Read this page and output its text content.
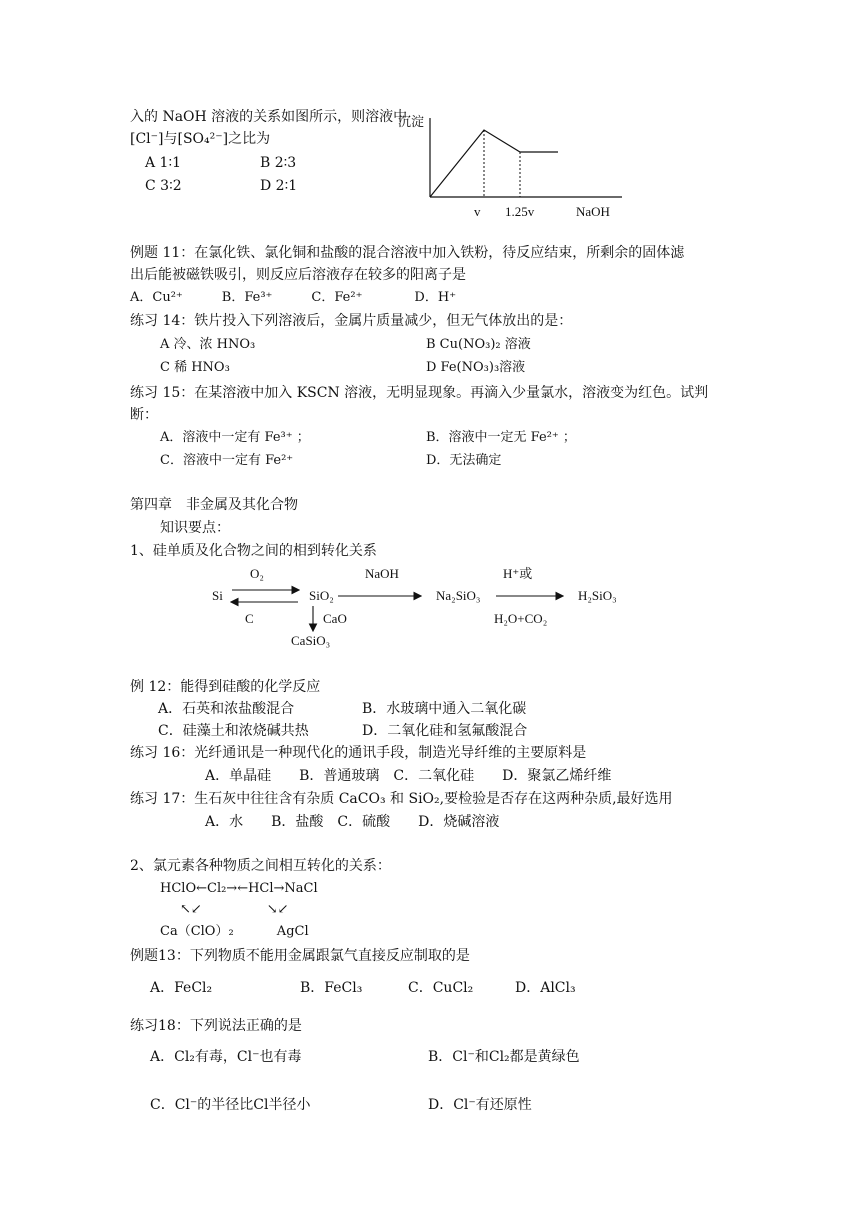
入的 NaOH 溶液的关系如图所示，则溶液中
[Cl⁻]与[SO₄²⁻]之比为
A 1∶1	B 2∶3
C 3∶2	D 2∶1
沉淀
v 1.25v	NaOH
O₂
Si
C
SiO₂
CaO
CaSiO₃
NaOH
Na₂SiO₃
H⁺或
H₂SiO₃
H₂O+CO₂
例题 11：在氯化铁、氯化铜和盐酸的混合溶液中加入铁粉，待反应结束，所剩余的固体滤
出后能被磁铁吸引，则反应后溶液存在较多的阳离子是
A．Cu²⁺　　　B．Fe³⁺　　　C．Fe²⁺　　　　D．H⁺
练习 14：铁片投入下列溶液后，金属片质量减少，但无气体放出的是：
A 冷、浓 HNO₃	B Cu(NO₃)₂ 溶液
C 稀 HNO₃	D Fe(NO₃)₃溶液
练习 15：在某溶液中加入 KSCN 溶液，无明显现象。再滴入少量氯水，溶液变为红色。试判
断：
A．溶液中一定有 Fe³⁺ ；	B．溶液中一定无 Fe²⁺ ；
C．溶液中一定有 Fe²⁺	D．无法确定
第四章　非金属及其化合物
知识要点：
1、硅单质及化合物之间的相到转化关系
例 12：能得到硅酸的化学反应
A．石英和浓盐酸混合	B．水玻璃中通入二氧化碳
C．硅藻土和浓烧碱共热	D．二氧化硅和氢氟酸混合
练习 16：光纤通讯是一种现代化的通讯手段，制造光导纤维的主要原料是
A．单晶硅　　B．普通玻璃　C．二氧化硅　　D．聚氯乙烯纤维
练习 17：生石灰中往往含有杂质 CaCO₃ 和 SiO₂,要检验是否存在这两种杂质,最好选用
A．水　　B．盐酸　C．硫酸　　D．烧碱溶液
2、氯元素各种物质之间相互转化的关系：
HClO←Cl₂→←HCl→NaCl
↖↙　　　　　↘↙
Ca（ClO）₂　　　 AgCl
例题13：下列物质不能用金属跟氯气直接反应制取的是
A．FeCl₂	B．FeCl₃	C．CuCl₂	D．AlCl₃
练习18：下列说法正确的是
A．Cl₂有毒，Cl⁻也有毒	B．Cl⁻和Cl₂都是黄绿色
C．Cl⁻的半径比Cl半径小	D．Cl⁻有还原性
